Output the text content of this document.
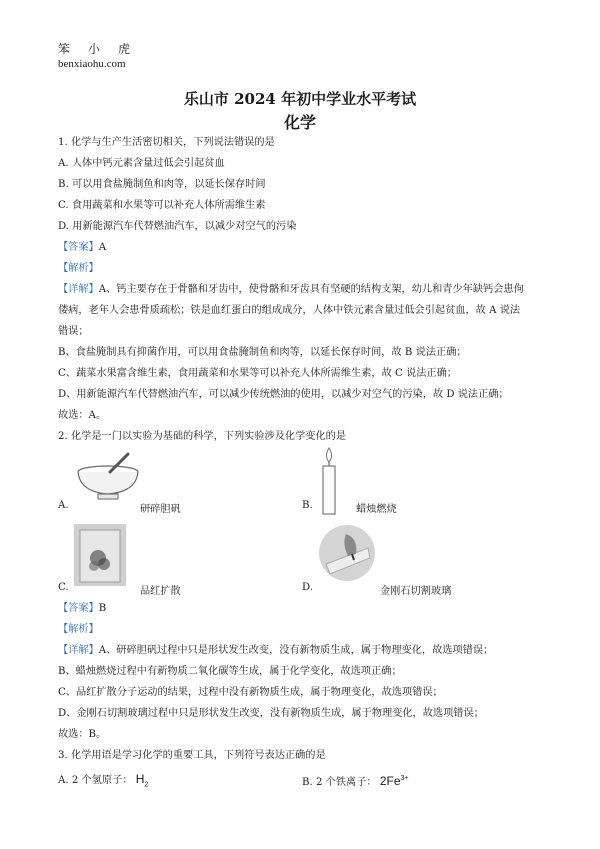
笨小虎
benxiaohu.com
乐山市 2024 年初中学业水平考试
化学
1. 化学与生产生活密切相关，下列说法错误的是
A. 人体中钙元素含量过低会引起贫血
B. 可以用食盐腌制鱼和肉等，以延长保存时间
C. 食用蔬菜和水果等可以补充人体所需维生素
D. 用新能源汽车代替燃油汽车，以减少对空气的污染
【答案】A
【解析】
【详解】A、钙主要存在于骨骼和牙齿中，使骨骼和牙齿具有坚硬的结构支架，幼儿和青少年缺钙会患佝
偻病，老年人会患骨质疏松；铁是血红蛋白的组成成分，人体中铁元素含量过低会引起贫血，故 A 说法
错误；
B、食盐腌制具有抑菌作用，可以用食盐腌制鱼和肉等，以延长保存时间，故 B 说法正确；
C、蔬菜水果富含维生素，食用蔬菜和水果等可以补充人体所需维生素，故 C 说法正确；
D、用新能源汽车代替燃油汽车，可以减少传统燃油的使用，以减少对空气的污染，故 D 说法正确；
故选：A。
2. 化学是一门以实验为基础的科学，下列实验涉及化学变化的是
A.	研碎胆矾	B.	蜡烛燃烧
C.	品红扩散	D.	金刚石切割玻璃
【答案】B
【解析】
【详解】A、研碎胆矾过程中只是形状发生改变，没有新物质生成，属于物理变化，故选项错误；
B、蜡烛燃烧过程中有新物质二氧化碳等生成，属于化学变化，故选项正确；
C、品红扩散分子运动的结果，过程中没有新物质生成，属于物理变化，故选项错误；
D、金刚石切割玻璃过程中只是形状发生改变，没有新物质生成，属于物理变化，故选项错误；
故选：B。
3. 化学用语是学习化学的重要工具，下列符号表达正确的是
A. 2 个氢原子： $H_2$	B. 2 个铁离子： $2Fe^{3+}$
